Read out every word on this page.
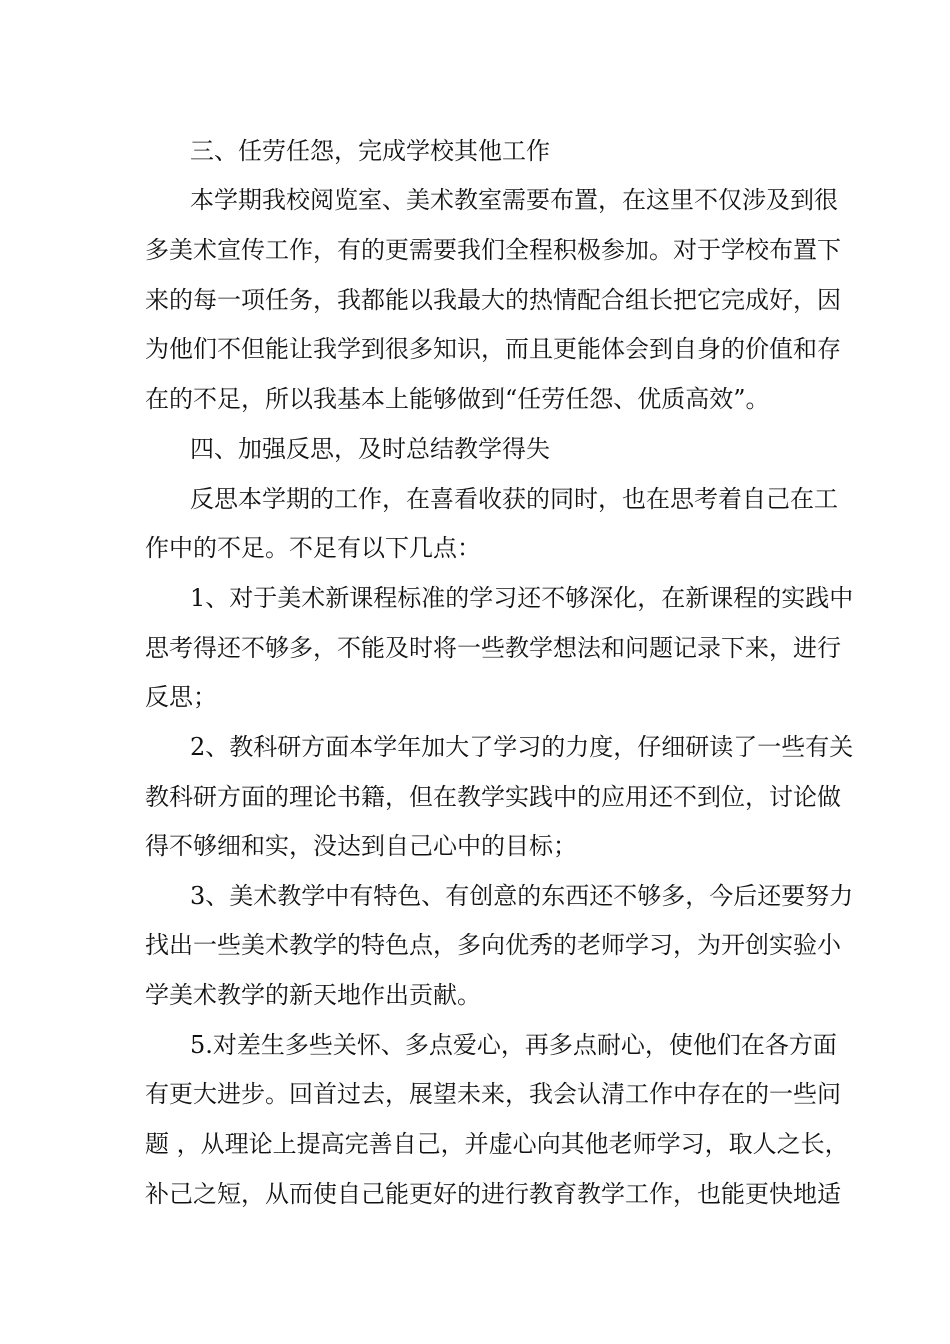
三、任劳任怨，完成学校其他工作
本学期我校阅览室、美术教室需要布置，在这里不仅涉及到很
多美术宣传工作，有的更需要我们全程积极参加。对于学校布置下
来的每一项任务，我都能以我最大的热情配合组长把它完成好，因
为他们不但能让我学到很多知识，而且更能体会到自身的价值和存
在的不足，所以我基本上能够做到“任劳任怨、优质高效”。
四、加强反思，及时总结教学得失
反思本学期的工作，在喜看收获的同时，也在思考着自己在工
作中的不足。不足有以下几点：
1、对于美术新课程标准的学习还不够深化，在新课程的实践中
思考得还不够多，不能及时将一些教学想法和问题记录下来，进行
反思；
2、教科研方面本学年加大了学习的力度，仔细研读了一些有关
教科研方面的理论书籍，但在教学实践中的应用还不到位，讨论做
得不够细和实，没达到自己心中的目标；
3、美术教学中有特色、有创意的东西还不够多，今后还要努力
找出一些美术教学的特色点，多向优秀的老师学习，为开创实验小
学美术教学的新天地作出贡献。
5.对差生多些关怀、多点爱心，再多点耐心，使他们在各方面
有更大进步。回首过去，展望未来，我会认清工作中存在的一些问
题 ，从理论上提高完善自己，并虚心向其他老师学习，取人之长，
补己之短，从而使自己能更好的进行教育教学工作，也能更快地适
